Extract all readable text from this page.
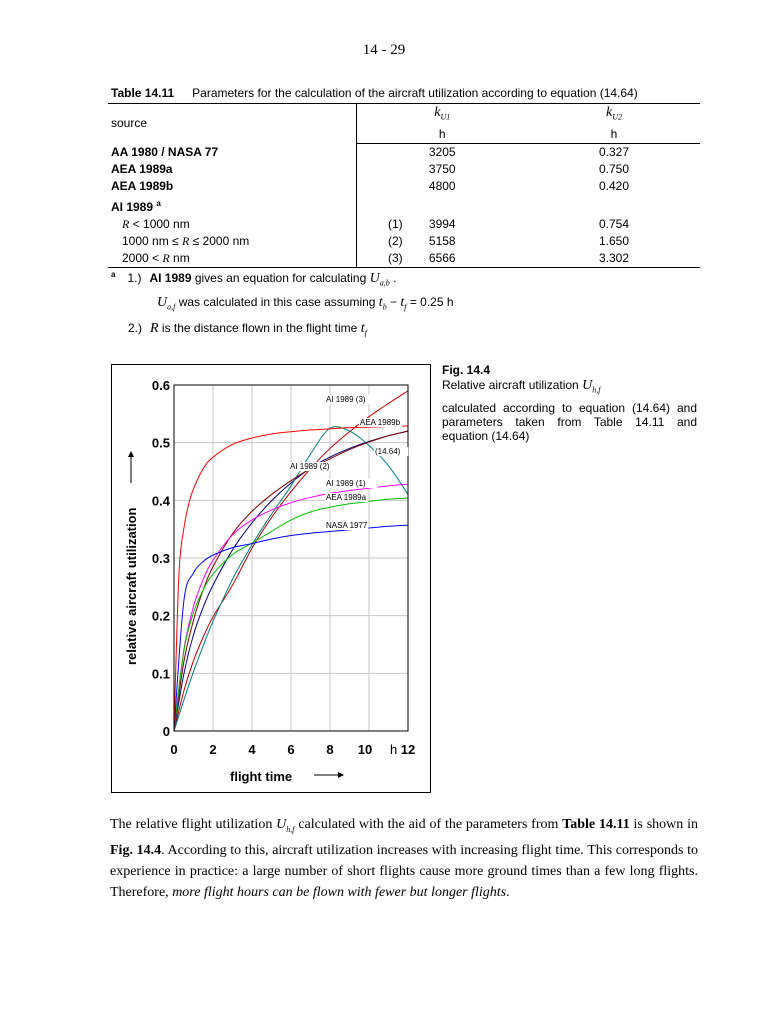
14 - 29
Table 14.11 Parameters for the calculation of the aircraft utilization according to equation (14.64)
source	$k_{U1}$	$k_{U2}$
	h	h
AA 1980 / NASA 77	3205	0.327
AEA 1989a	3750	0.750
AEA 1989b	4800	0.420
AI 1989 $^a$		
R < 1000 nm (1)	3994	0.754
1000 nm ≤ R ≤ 2000 nm (2)	5158	1.650
2000 < R nm (3)	6566	3.302
$^a$ 1.) AI 1989 gives an equation for calculating $U_{a,b}$ .
$U_{a,f}$ was calculated in this case assuming $t_b - t_f = 0.25$ h
2.) R is the distance flown in the flight time $t_f$
0 2 4 6 8 10 12
0
0.1
0.2
0.3
0.4
0.5
0.6
AI 1989 (3)
AEA 1989b
(14.64)
AI 1989 (2)
AI 1989 (1)
AEA 1989a
NASA 1977
h
flight time
relative aircraft utilization
Fig. 14.4
Relative aircraft utilization $U_{h,f}$
calculated according to equation (14.64) and parameters taken from Table 14.11 and equation (14.64)
The relative flight utilization $U_{h,f}$ calculated with the aid of the parameters from Table 14.11 is shown in Fig. 14.4. According to this, aircraft utilization increases with increasing flight time. This corresponds to experience in practice: a large number of short flights cause more ground times than a few long flights. Therefore, more flight hours can be flown with fewer but longer flights.
